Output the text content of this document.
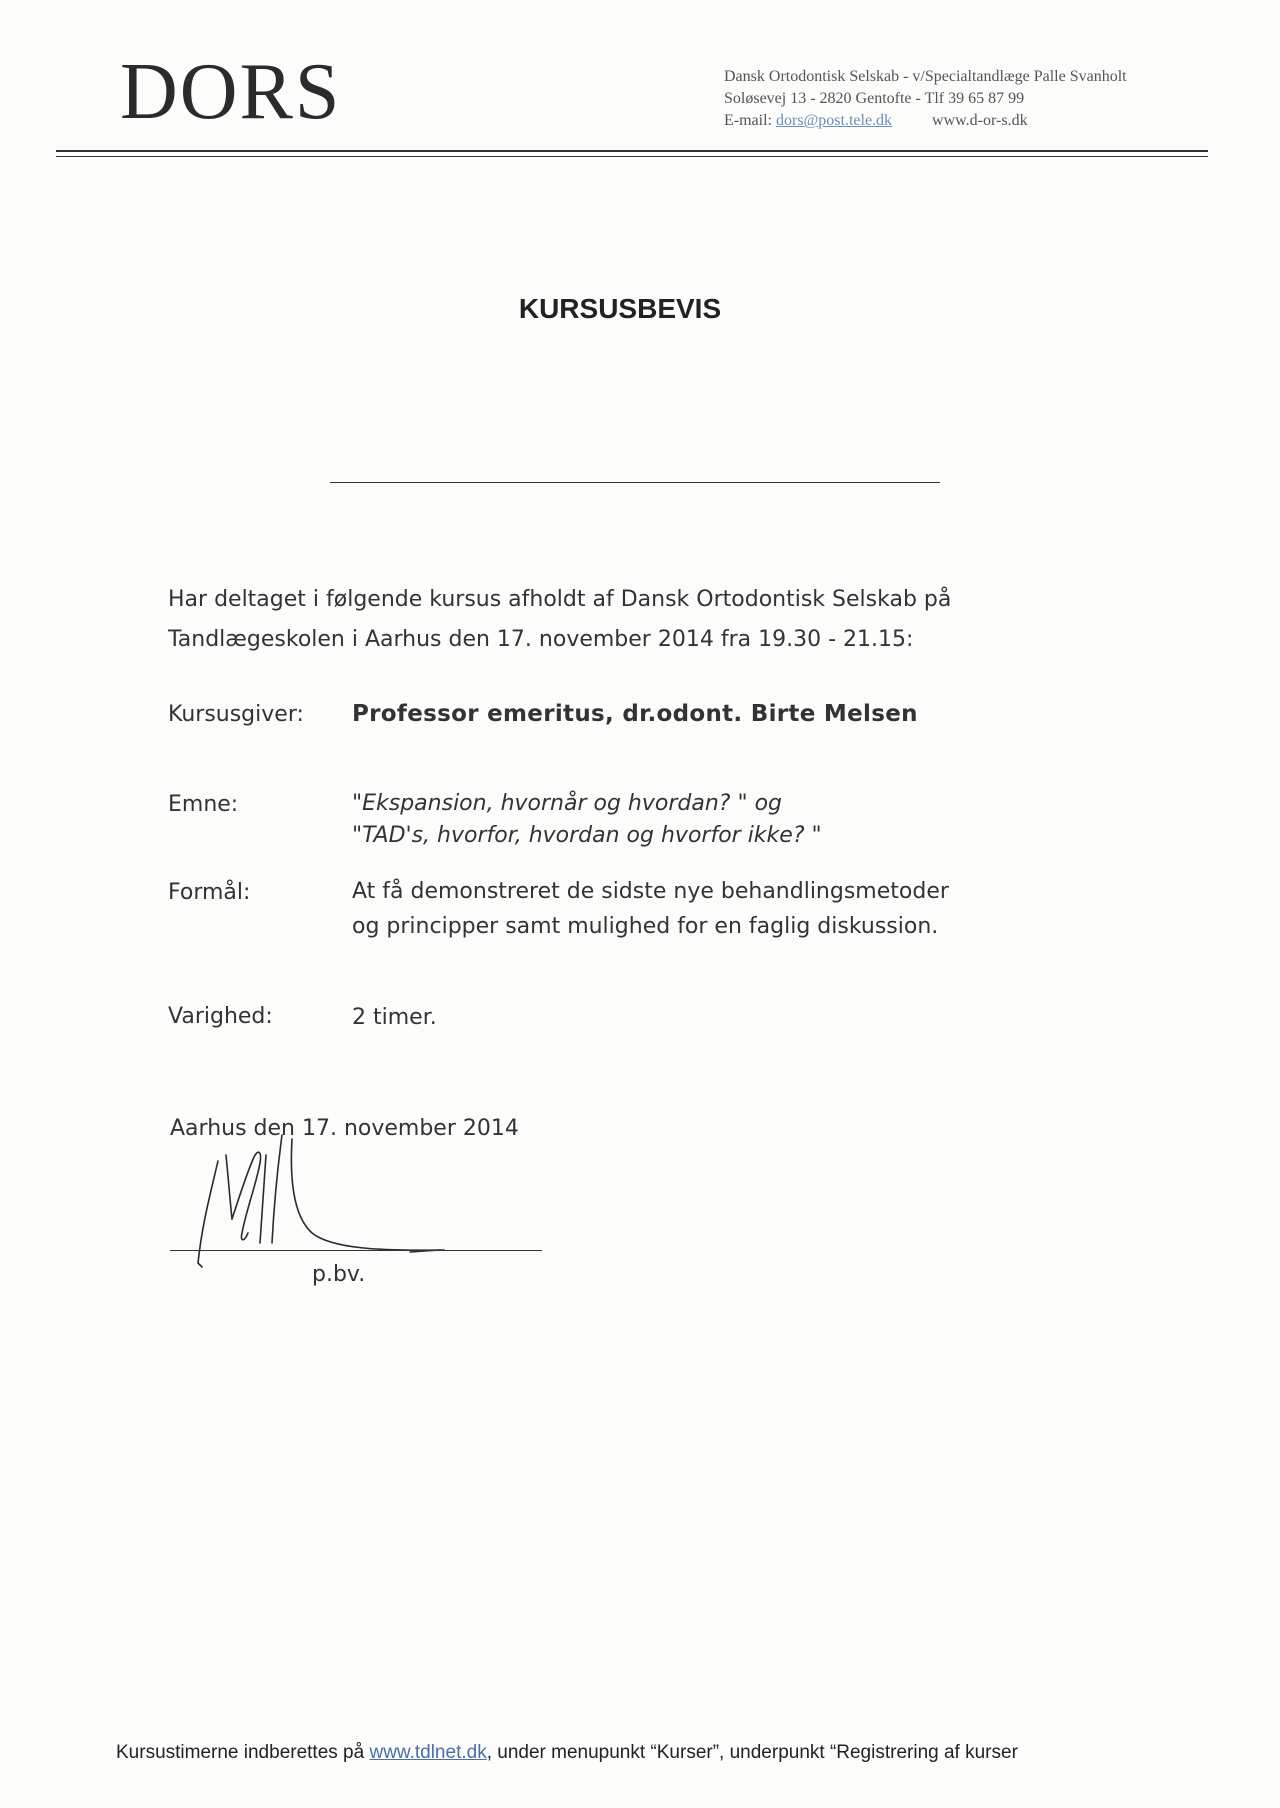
DORS	Dansk Ortodontisk Selskab - v/Specialtandlæge Palle Svanholt
Soløsevej 13 - 2820 Gentofte - Tlf 39 65 87 99
E-mail: dors@post.tele.dk	www.d-or-s.dk
KURSUSBEVIS
Har deltaget i følgende kursus afholdt af Dansk Ortodontisk Selskab på
Tandlægeskolen i Aarhus den 17. november 2014 fra 19.30 - 21.15:
Kursusgiver: Professor emeritus, dr.odont. Birte Melsen
Emne:	"Ekspansion, hvornår og hvordan? " og
"TAD's, hvorfor, hvordan og hvorfor ikke? "
Formål:	At få demonstreret de sidste nye behandlingsmetoder
og principper samt mulighed for en faglig diskussion.
Varighed:	2 timer.
Aarhus den 17. november 2014
p.bv.
Kursustimerne indberettes på www.tdlnet.dk, under menupunkt “Kurser”, underpunkt “Registrering af kurser
